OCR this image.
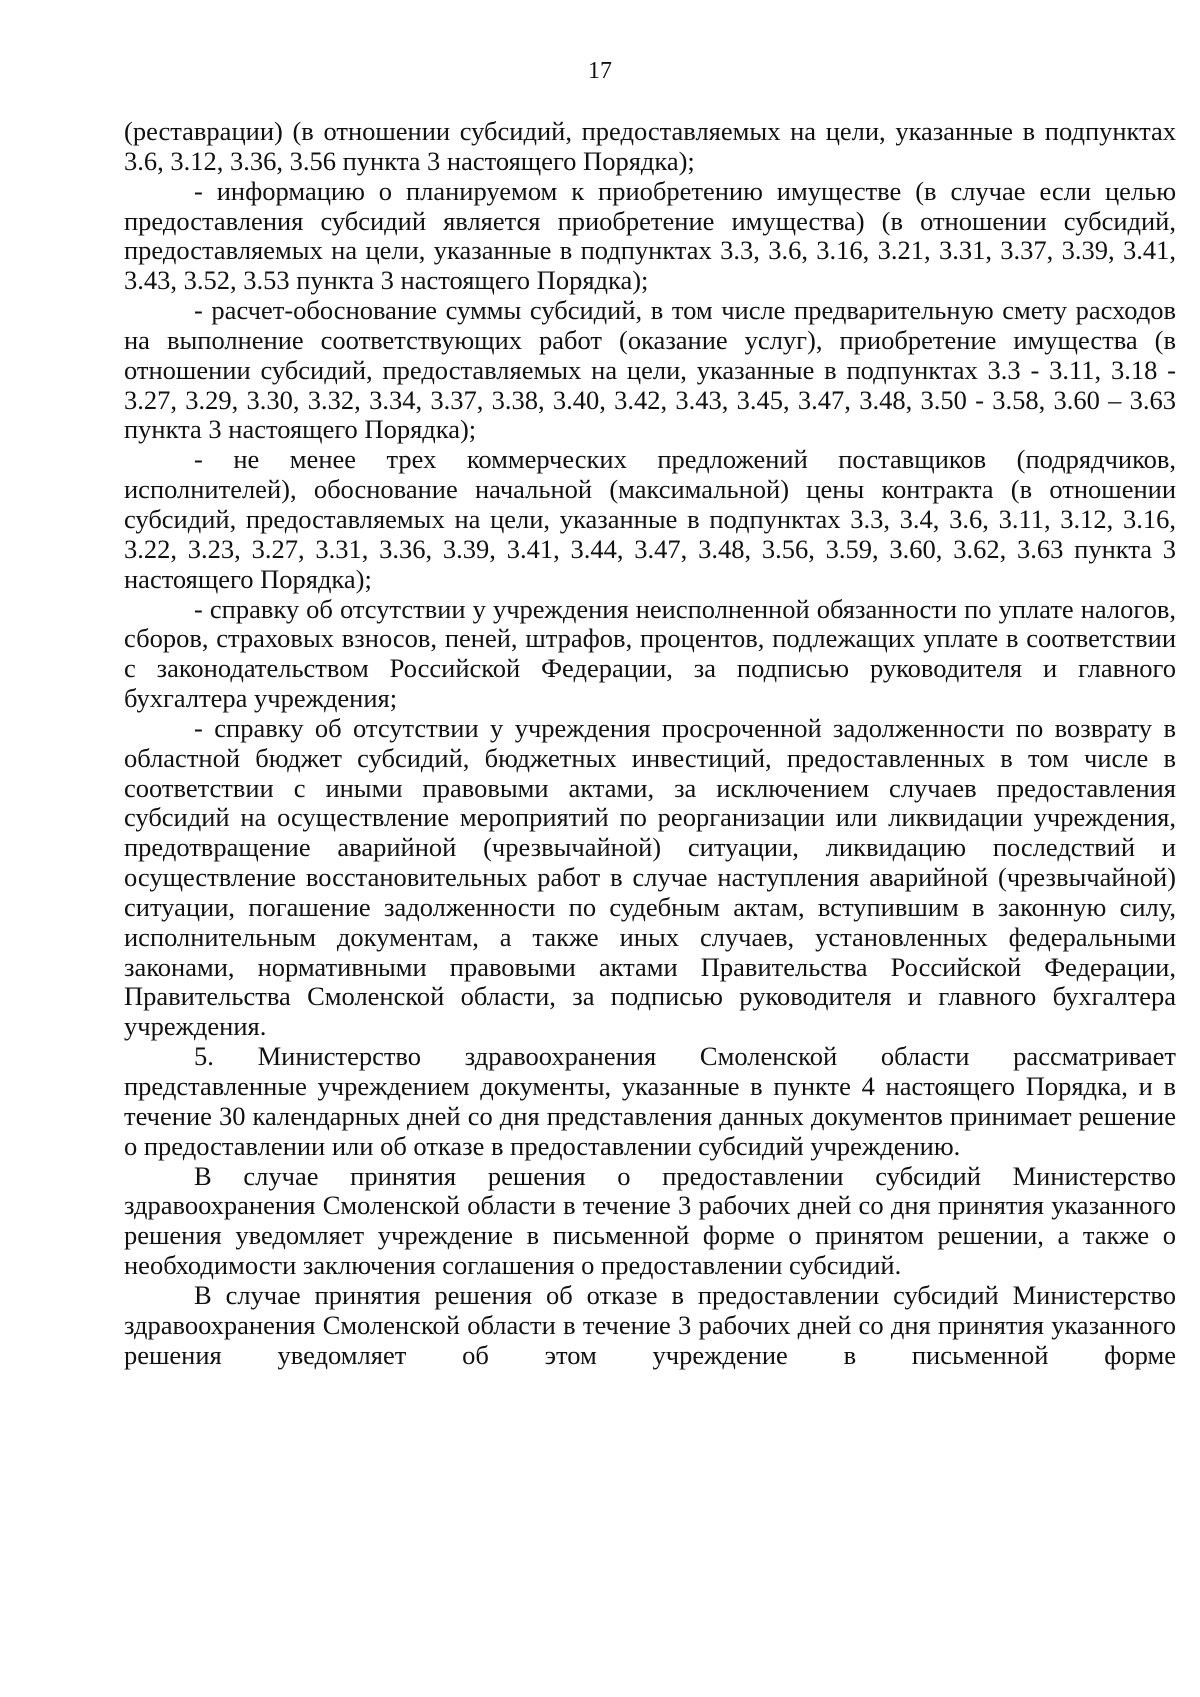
17

(реставрации) (в отношении субсидий, предоставляемых на цели, указанные в подпунктах 3.6, 3.12, 3.36, 3.56 пункта 3 настоящего Порядка);

- информацию о планируемом к приобретению имуществе (в случае если целью предоставления субсидий является приобретение имущества) (в отношении субсидий, предоставляемых на цели, указанные в подпунктах 3.3, 3.6, 3.16, 3.21, 3.31, 3.37, 3.39, 3.41, 3.43, 3.52, 3.53 пункта 3 настоящего Порядка);

- расчет-обоснование суммы субсидий, в том числе предварительную смету расходов на выполнение соответствующих работ (оказание услуг), приобретение имущества (в отношении субсидий, предоставляемых на цели, указанные в подпунктах 3.3 - 3.11, 3.18 - 3.27, 3.29, 3.30, 3.32, 3.34, 3.37, 3.38, 3.40, 3.42, 3.43, 3.45, 3.47, 3.48, 3.50 - 3.58, 3.60 – 3.63 пункта 3 настоящего Порядка);

- не менее трех коммерческих предложений поставщиков (подрядчиков, исполнителей), обоснование начальной (максимальной) цены контракта (в отношении субсидий, предоставляемых на цели, указанные в подпунктах 3.3, 3.4, 3.6, 3.11, 3.12, 3.16, 3.22, 3.23, 3.27, 3.31, 3.36, 3.39, 3.41, 3.44, 3.47, 3.48, 3.56, 3.59, 3.60, 3.62, 3.63 пункта 3 настоящего Порядка);

- справку об отсутствии у учреждения неисполненной обязанности по уплате налогов, сборов, страховых взносов, пеней, штрафов, процентов, подлежащих уплате в соответствии с законодательством Российской Федерации, за подписью руководителя и главного бухгалтера учреждения;

- справку об отсутствии у учреждения просроченной задолженности по возврату в областной бюджет субсидий, бюджетных инвестиций, предоставленных в том числе в соответствии с иными правовыми актами, за исключением случаев предоставления субсидий на осуществление мероприятий по реорганизации или ликвидации учреждения, предотвращение аварийной (чрезвычайной) ситуации, ликвидацию последствий и осуществление восстановительных работ в случае наступления аварийной (чрезвычайной) ситуации, погашение задолженности по судебным актам, вступившим в законную силу, исполнительным документам, а также иных случаев, установленных федеральными законами, нормативными правовыми актами Правительства Российской Федерации, Правительства Смоленской области, за подписью руководителя и главного бухгалтера учреждения.

5. Министерство здравоохранения Смоленской области рассматривает представленные учреждением документы, указанные в пункте 4 настоящего Порядка, и в течение 30 календарных дней со дня представления данных документов принимает решение о предоставлении или об отказе в предоставлении субсидий учреждению.

В случае принятия решения о предоставлении субсидий Министерство здравоохранения Смоленской области в течение 3 рабочих дней со дня принятия указанного решения уведомляет учреждение в письменной форме о принятом решении, а также о необходимости заключения соглашения о предоставлении субсидий.

В случае принятия решения об отказе в предоставлении субсидий Министерство здравоохранения Смоленской области в течение 3 рабочих дней со дня принятия указанного решения уведомляет об этом учреждение в письменной форме
